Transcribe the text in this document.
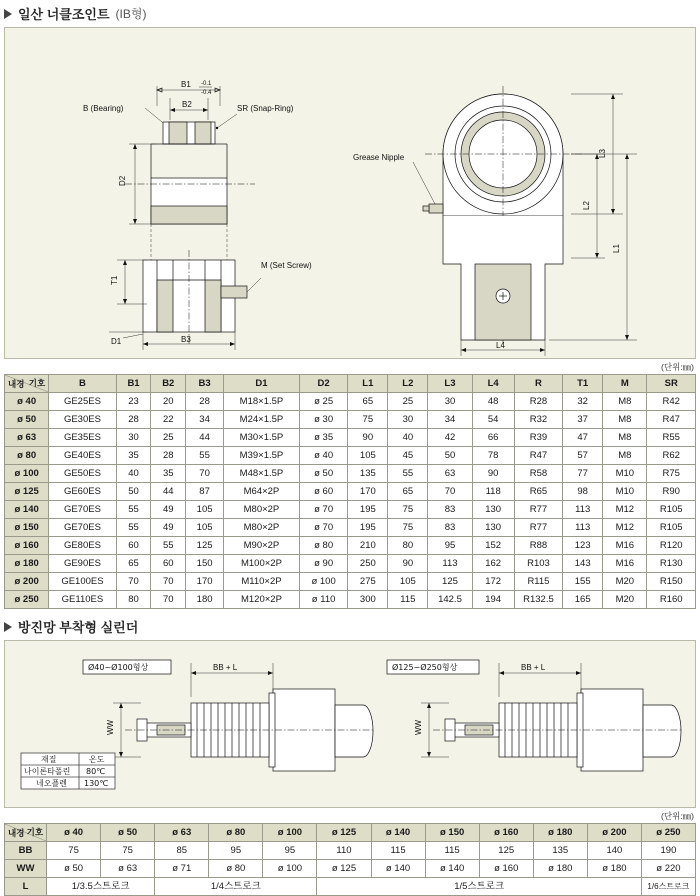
일산 너클조인트 (IB형)
B1 -0.1
-0.4
B2
B (Bearing)	SR (Snap-Ring)
D2
M (Set Screw)
T1
D1	B3
Grease Nipple	L3
L2
L1
L4
(단위:㎜)
기호
내경	B	B1	B2	B3	D1	D2	L1	L2	L3	L4	R	T1	M	SR
ø 40	GE25ES	23	20	28	M18×1.5P	ø 25	65	25	30	48	R28	32	M8	R42
ø 50	GE30ES	28	22	34	M24×1.5P	ø 30	75	30	34	54	R32	37	M8	R47
ø 63	GE35ES	30	25	44	M30×1.5P	ø 35	90	40	42	66	R39	47	M8	R55
ø 80	GE40ES	35	28	55	M39×1.5P	ø 40	105	45	50	78	R47	57	M8	R62
ø 100	GE50ES	40	35	70	M48×1.5P	ø 50	135	55	63	90	R58	77	M10	R75
ø 125	GE60ES	50	44	87	M64×2P	ø 60	170	65	70	118	R65	98	M10	R90
ø 140	GE70ES	55	49	105	M80×2P	ø 70	195	75	83	130	R77	113	M12	R105
ø 150	GE70ES	55	49	105	M80×2P	ø 70	195	75	83	130	R77	113	M12	R105
ø 160	GE80ES	60	55	125	M90×2P	ø 80	210	80	95	152	R88	123	M16	R120
ø 180	GE90ES	65	60	150	M100×2P	ø 90	250	90	113	162	R103	143	M16	R130
ø 200	GE100ES	70	70	170	M110×2P	ø 100	275	105	125	172	R115	155	M20	R150
ø 250	GE110ES	80	70	180	M120×2P	ø 110	300	115	142.5	194	R132.5	165	M20	R160
방진망 부착형 실린더
Ø40~Ø100형상	BB + L
WW
재질	온도
나이론타폴린 80℃
네오플렌 130℃
Ø125~Ø250형상	BB + L
WW
(단위:㎜)
기호
내경	ø 40	ø 50	ø 63	ø 80	ø 100	ø 125	ø 140	ø 150	ø 160	ø 180	ø 200	ø 250
BB	75	75	85	95	95	110	115	115	125	135	140	190
WW	ø 50	ø 63	ø 71	ø 80	ø 100	ø 125	ø 140	ø 140	ø 160	ø 180	ø 180	ø 220
L	1/3.5스트로크		1/4스트로크			1/5스트로크						1/6스트로크
